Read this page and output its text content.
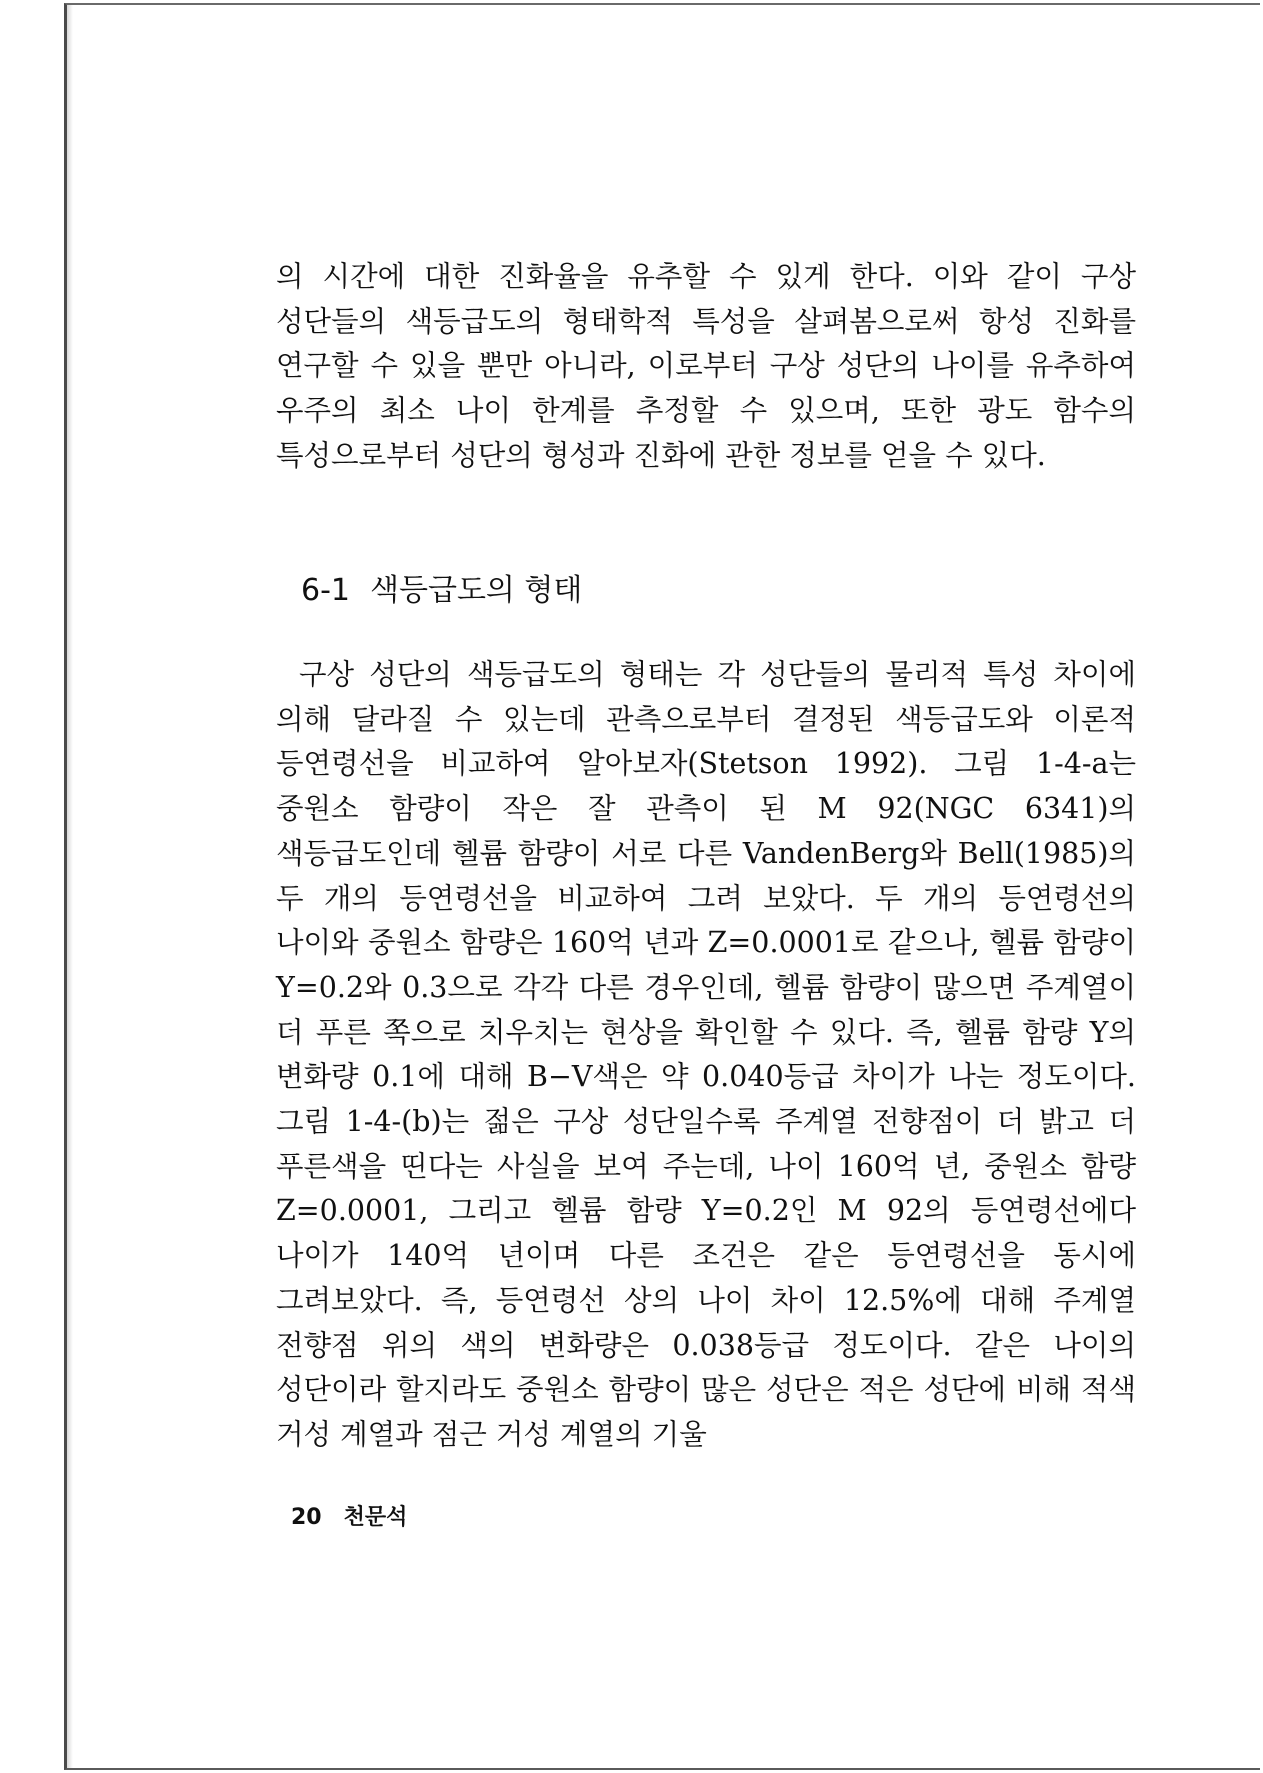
의 시간에 대한 진화율을 유추할 수 있게 한다. 이와 같이 구상 성단들의 색등급도의 형태학적 특성을 살펴봄으로써 항성 진화를 연구할 수 있을 뿐만 아니라, 이로부터 구상 성단의 나이를 유추하여 우주의 최소 나이 한계를 추정할 수 있으며, 또한 광도 함수의 특성으로부터 성단의 형성과 진화에 관한 정보를 얻을 수 있다.

6-1 색등급도의 형태

구상 성단의 색등급도의 형태는 각 성단들의 물리적 특성 차이에 의해 달라질 수 있는데 관측으로부터 결정된 색등급도와 이론적 등연령선을 비교하여 알아보자(Stetson 1992). 그림 1-4-a는 중원소 함량이 작은 잘 관측이 된 M 92(NGC 6341)의 색등급도인데 헬륨 함량이 서로 다른 VandenBerg와 Bell(1985)의 두 개의 등연령선을 비교하여 그려 보았다. 두 개의 등연령선의 나이와 중원소 함량은 160억 년과 Z=0.0001로 같으나, 헬륨 함량이 Y=0.2와 0.3으로 각각 다른 경우인데, 헬륨 함량이 많으면 주계열이 더 푸른 쪽으로 치우치는 현상을 확인할 수 있다. 즉, 헬륨 함량 Y의 변화량 0.1에 대해 B−V색은 약 0.040등급 차이가 나는 정도이다. 그림 1-4-(b)는 젊은 구상 성단일수록 주계열 전향점이 더 밝고 더 푸른색을 띤다는 사실을 보여 주는데, 나이 160억 년, 중원소 함량 Z=0.0001, 그리고 헬륨 함량 Y=0.2인 M 92의 등연령선에다 나이가 140억 년이며 다른 조건은 같은 등연령선을 동시에 그려보았다. 즉, 등연령선 상의 나이 차이 12.5%에 대해 주계열 전향점 위의 색의 변화량은 0.038등급 정도이다. 같은 나이의 성단이라 할지라도 중원소 함량이 많은 성단은 적은 성단에 비해 적색 거성 계열과 점근 거성 계열의 기울

20 천문석
